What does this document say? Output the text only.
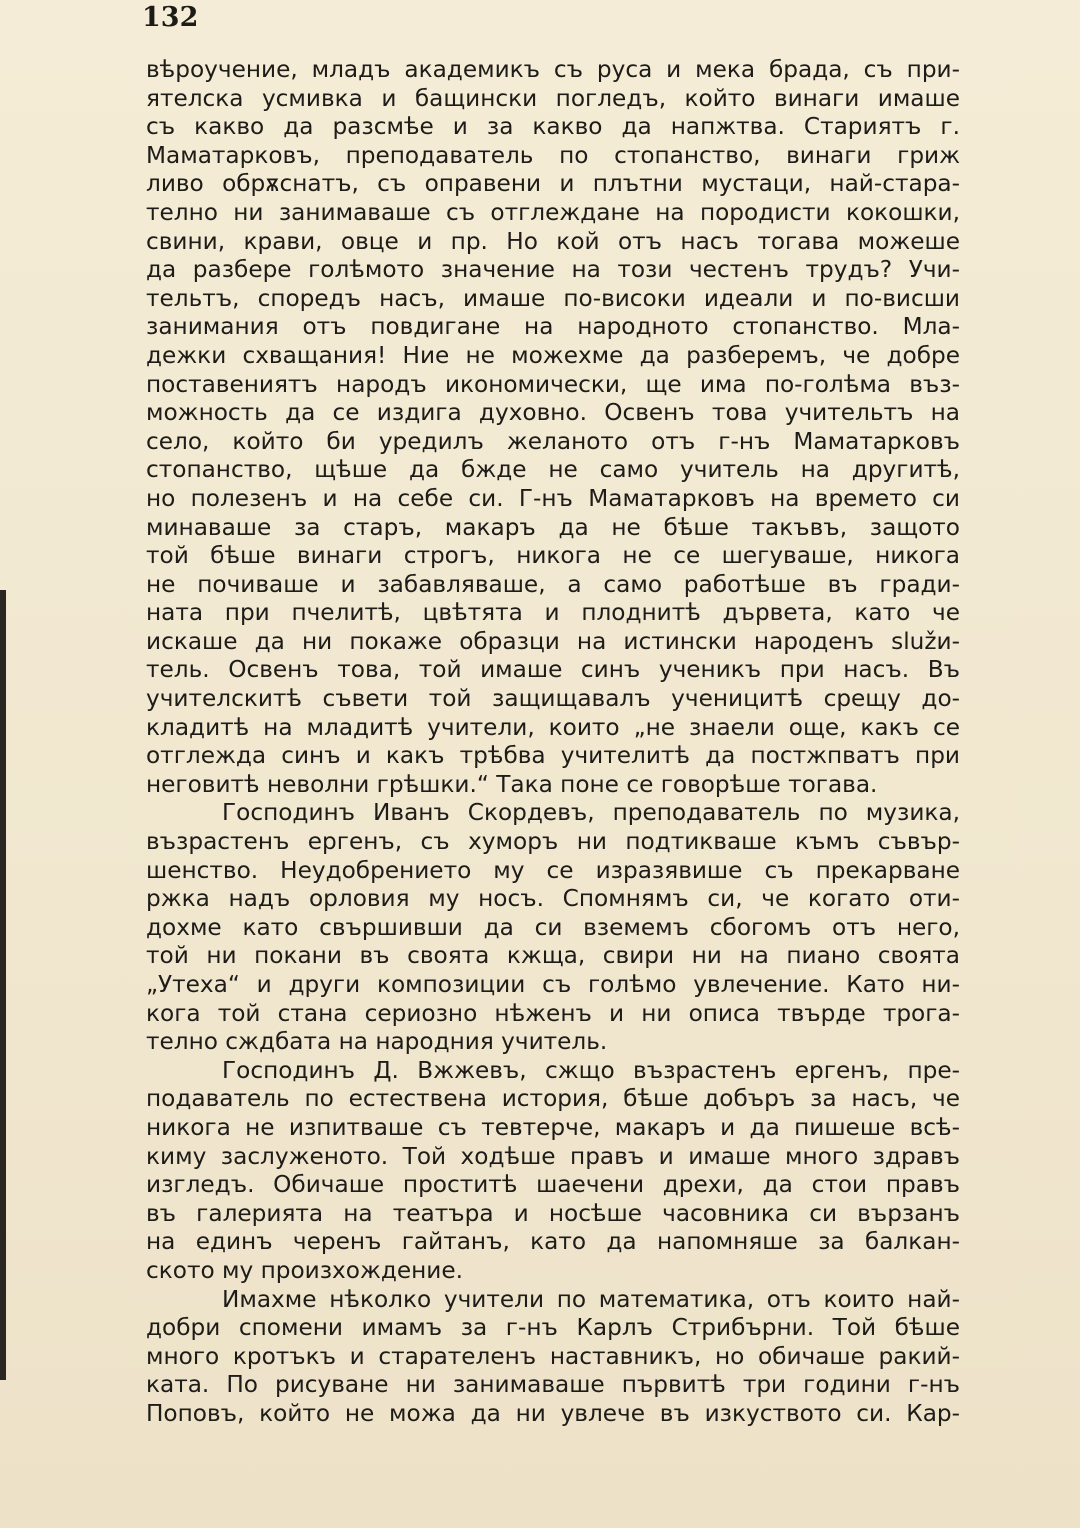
132
вѣроучение, младъ академикъ съ руса и мека брада, съ при-
ятелска усмивка и бащински погледъ, който винаги имаше
съ какво да разсмѣе и за какво да напжтва. Стариятъ г.
Маматарковъ, преподаватель по стопанство, винаги гриж
ливо обрѫснатъ, съ оправени и плътни мустаци, най-стара-
телно ни занимаваше съ отглеждане на породисти кокошки,
свини, крави, овце и пр. Но кой отъ насъ тогава можеше
да разбере голѣмото значение на този честенъ трудъ? Учи-
тельтъ, споредъ насъ, имаше по-високи идеали и по-висши
занимания отъ повдигане на народното стопанство. Мла-
дежки схващания! Ние не можехме да разберемъ, че добре
поставениятъ народъ икономически, ще има по-голѣма въз-
можность да се издига духовно. Освенъ това учительтъ на
село, който би уредилъ желаното отъ г-нъ Маматарковъ
стопанство, щѣше да бжде не само учитель на другитѣ,
но полезенъ и на себе си. Г-нъ Маматарковъ на времето си
минаваше за старъ, макаръ да не бѣше такъвъ, защото
той бѣше винаги строгъ, никога не се шегуваше, никога
не почиваше и забавляваше, а само работѣше въ гради-
ната при пчелитѣ, цвѣтята и плоднитѣ дървета, като че
искаше да ни покаже образци на истински народенъ služи-
тель. Освенъ това, той имаше синъ ученикъ при насъ. Въ
учителскитѣ съвети той защищавалъ ученицитѣ срещу до-
кладитѣ на младитѣ учители, които „не знаели още, какъ се
отглежда синъ и какъ трѣбва учителитѣ да постжпватъ при
неговитѣ неволни грѣшки.“ Така поне се говорѣше тогава.
Господинъ Иванъ Скордевъ, преподаватель по музика,
възрастенъ ергенъ, съ хуморъ ни подтикваше къмъ съвър-
шенство. Неудобрението му се изразявише съ прекарване
ржка надъ орловия му носъ. Спомнямъ си, че когато оти-
дохме като свършивши да си вземемъ сбогомъ отъ него,
той ни покани въ своята кжща, свири ни на пиано своята
„Утеха“ и други композиции съ голѣмо увлечение. Като ни-
кога той стана сериозно нѣженъ и ни описа твърде трога-
телно сждбата на народния учитель.
Господинъ Д. Вжжевъ, сжщо възрастенъ ергенъ, пре-
подаватель по естествена история, бѣше добъръ за насъ, че
никога не изпитваше съ тевтерче, макаръ и да пишеше всѣ-
киму заслуженото. Той ходѣше правъ и имаше много здравъ
изгледъ. Обичаше проститѣ шаечени дрехи, да стои правъ
въ галерията на театъра и носѣше часовника си вързанъ
на единъ черенъ гайтанъ, като да напомняше за балкан-
ското му произхождение.
Имахме нѣколко учители по математика, отъ които най-
добри спомени имамъ за г-нъ Карлъ Стрибърни. Той бѣше
много кротъкъ и старателенъ наставникъ, но обичаше ракий-
ката. По рисуване ни занимаваше първитѣ три години г-нъ
Поповъ, който не можа да ни увлече въ изкуството си. Кар-
